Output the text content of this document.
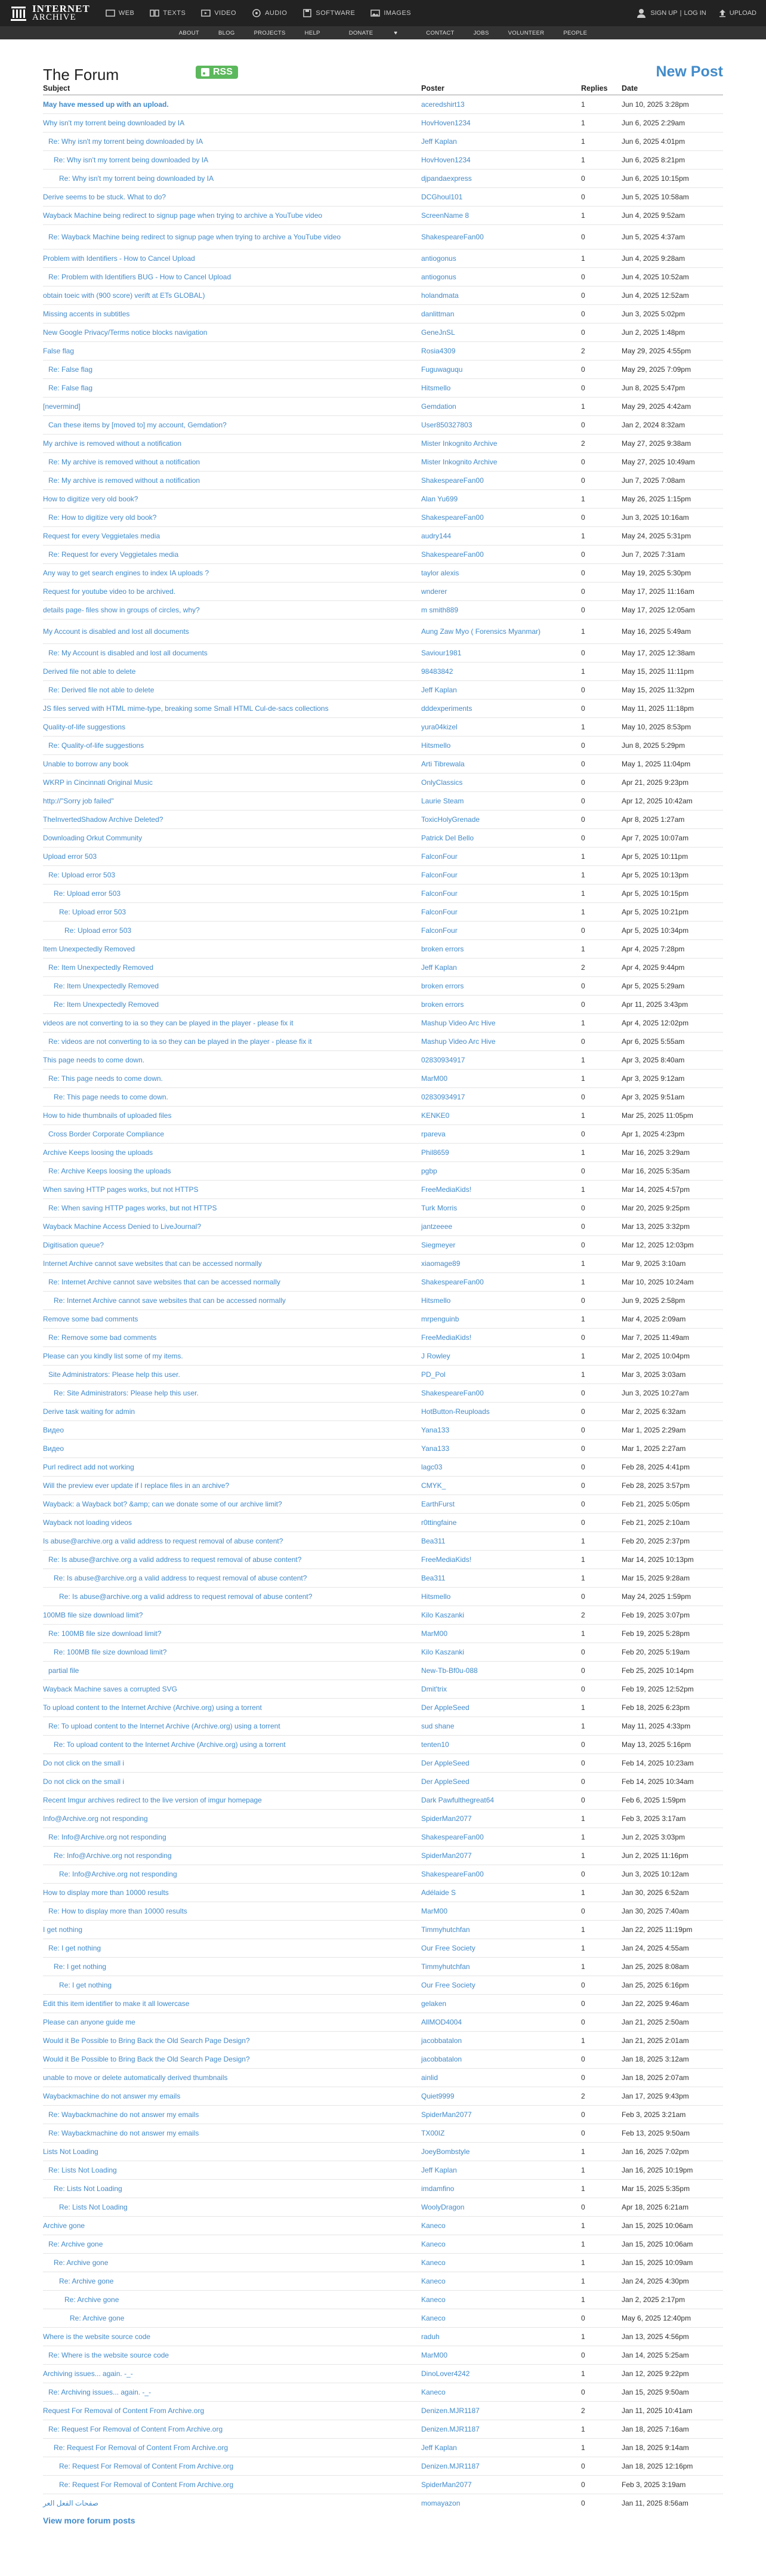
INTERNET
ARCHIVE	WEB	TEXTS	VIDEO	AUDIO	SOFTWARE	IMAGES	SIGN UP | LOG IN	UPLOAD
ABOUT	BLOG	PROJECTS	HELP	DONATE	♥	CONTACT	JOBS	VOLUNTEER	PEOPLE
The Forum	RSS	New Post
Subject	Poster	Replies	Date

May have messed up with an upload.	aceredshirt13	1	Jun 10, 2025 3:28pm

Why isn't my torrent being downloaded by IA	HovHoven1234	1	Jun 6, 2025 2:29am

Re: Why isn't my torrent being downloaded by IA	Jeff Kaplan	1	Jun 6, 2025 4:01pm

Re: Why isn't my torrent being downloaded by IA	HovHoven1234	1	Jun 6, 2025 8:21pm

Re: Why isn't my torrent being downloaded by IA	djpandaexpress	0	Jun 6, 2025 10:15pm

Derive seems to be stuck. What to do?	DCGhoul101	0	Jun 5, 2025 10:58am

Wayback Machine being redirect to signup page when trying to archive a YouTube video	ScreenName 8	1	Jun 4, 2025 9:52am

Re: Wayback Machine being redirect to signup page when trying to archive a YouTube video	ShakespeareFan00	0	Jun 5, 2025 4:37am

Problem with Identifiers - How to Cancel Upload	antiogonus	1	Jun 4, 2025 9:28am

Re: Problem with Identifiers BUG - How to Cancel Upload	antiogonus	0	Jun 4, 2025 10:52am

obtain toeic with (900 score) verift at ETs GLOBAL)	holandmata	0	Jun 4, 2025 12:52am

Missing accents in subtitles	danlittman	0	Jun 3, 2025 5:02pm

New Google Privacy/Terms notice blocks navigation	GeneJnSL	0	Jun 2, 2025 1:48pm

False flag	Rosia4309	2	May 29, 2025 4:55pm

Re: False flag	Fuguwaguqu	0	May 29, 2025 7:09pm

Re: False flag	Hitsmello	0	Jun 8, 2025 5:47pm

[nevermind]	Gemdation	1	May 29, 2025 4:42am

Can these items by [moved to] my account, Gemdation?	User850327803	0	Jan 2, 2024 8:32am

My archive is removed without a notification	Mister Inkognito Archive	2	May 27, 2025 9:38am

Re: My archive is removed without a notification	Mister Inkognito Archive	0	May 27, 2025 10:49am

Re: My archive is removed without a notification	ShakespeareFan00	0	Jun 7, 2025 7:08am

How to digitize very old book?	Alan Yu699	1	May 26, 2025 1:15pm

Re: How to digitize very old book?	ShakespeareFan00	0	Jun 3, 2025 10:16am

Request for every Veggietales media	audry144	1	May 24, 2025 5:31pm

Re: Request for every Veggietales media	ShakespeareFan00	0	Jun 7, 2025 7:31am

Any way to get search engines to index IA uploads ?	taylor alexis	0	May 19, 2025 5:30pm

Request for youtube video to be archived.	wnderer	0	May 17, 2025 11:16am

details page- files show in groups of circles, why?	m smith889	0	May 17, 2025 12:05am

My Account is disabled and lost all documents	Aung Zaw Myo ( Forensics Myanmar)	1	May 16, 2025 5:49am

Re: My Account is disabled and lost all documents	Saviour1981	0	May 17, 2025 12:38am

Derived file not able to delete	98483842	1	May 15, 2025 11:11pm

Re: Derived file not able to delete	Jeff Kaplan	0	May 15, 2025 11:32pm

JS files served with HTML mime-type, breaking some Small HTML Cul-de-sacs collections	dddexperiments	0	May 11, 2025 11:18pm

Quality-of-life suggestions	yura04kizel	1	May 10, 2025 8:53pm

Re: Quality-of-life suggestions	Hitsmello	0	Jun 8, 2025 5:29pm

Unable to borrow any book	Arti Tibrewala	0	May 1, 2025 11:04pm

WKRP in Cincinnati Original Music	OnlyClassics	0	Apr 21, 2025 9:23pm

http://"Sorry job failed"	Laurie Steam	0	Apr 12, 2025 10:42am

TheInvertedShadow Archive Deleted?	ToxicHolyGrenade	0	Apr 8, 2025 1:27am

Downloading Orkut Community	Patrick Del Bello	0	Apr 7, 2025 10:07am

Upload error 503	FalconFour	1	Apr 5, 2025 10:11pm

Re: Upload error 503	FalconFour	1	Apr 5, 2025 10:13pm

Re: Upload error 503	FalconFour	1	Apr 5, 2025 10:15pm

Re: Upload error 503	FalconFour	1	Apr 5, 2025 10:21pm

Re: Upload error 503	FalconFour	0	Apr 5, 2025 10:34pm

Item Unexpectedly Removed	broken errors	1	Apr 4, 2025 7:28pm

Re: Item Unexpectedly Removed	Jeff Kaplan	2	Apr 4, 2025 9:44pm

Re: Item Unexpectedly Removed	broken errors	0	Apr 5, 2025 5:29am

Re: Item Unexpectedly Removed	broken errors	0	Apr 11, 2025 3:43pm

videos are not converting to ia so they can be played in the player - please fix it	Mashup Video Arc Hive	1	Apr 4, 2025 12:02pm

Re: videos are not converting to ia so they can be played in the player - please fix it	Mashup Video Arc Hive	0	Apr 6, 2025 5:55am

This page needs to come down.	02830934917	1	Apr 3, 2025 8:40am

Re: This page needs to come down.	MarM00	1	Apr 3, 2025 9:12am

Re: This page needs to come down.	02830934917	0	Apr 3, 2025 9:51am

How to hide thumbnails of uploaded files	KENKE0	1	Mar 25, 2025 11:05pm

Cross Border Corporate Compliance	rpareva	0	Apr 1, 2025 4:23pm

Archive Keeps loosing the uploads	Phil8659	1	Mar 16, 2025 3:29am

Re: Archive Keeps loosing the uploads	pgbp	0	Mar 16, 2025 5:35am

When saving HTTP pages works, but not HTTPS	FreeMediaKids!	1	Mar 14, 2025 4:57pm

Re: When saving HTTP pages works, but not HTTPS	Turk Morris	0	Mar 20, 2025 9:25pm

Wayback Machine Access Denied to LiveJournal?	jantzeeee	0	Mar 13, 2025 3:32pm

Digitisation queue?	Siegmeyer	0	Mar 12, 2025 12:03pm

Internet Archive cannot save websites that can be accessed normally	xiaomage89	1	Mar 9, 2025 3:10am

Re: Internet Archive cannot save websites that can be accessed normally	ShakespeareFan00	1	Mar 10, 2025 10:24am

Re: Internet Archive cannot save websites that can be accessed normally	Hitsmello	0	Jun 9, 2025 2:58pm

Remove some bad comments	mrpenguinb	1	Mar 4, 2025 2:09am

Re: Remove some bad comments	FreeMediaKids!	0	Mar 7, 2025 11:49am

Please can you kindly list some of my items.	J Rowley	1	Mar 2, 2025 10:04pm

Site Administrators: Please help this user.	PD_Pol	1	Mar 3, 2025 3:03am

Re: Site Administrators: Please help this user.	ShakespeareFan00	0	Jun 3, 2025 10:27am

Derive task waiting for admin	HotButton-Reuploads	0	Mar 2, 2025 6:32am

Видео	Yana133	0	Mar 1, 2025 2:29am

Видео	Yana133	0	Mar 1, 2025 2:27am

Purl redirect add not working	lagc03	0	Feb 28, 2025 4:41pm

Will the preview ever update if I replace files in an archive?	CMYK_	0	Feb 28, 2025 3:57pm

Wayback: a Wayback bot? &amp; can we donate some of our archive limit?	EarthFurst	0	Feb 21, 2025 5:05pm

Wayback not loading videos	r0ttingfaine	0	Feb 21, 2025 2:10am

Is abuse@archive.org a valid address to request removal of abuse content?	Bea311	1	Feb 20, 2025 2:37pm

Re: Is abuse@archive.org a valid address to request removal of abuse content?	FreeMediaKids!	1	Mar 14, 2025 10:13pm

Re: Is abuse@archive.org a valid address to request removal of abuse content?	Bea311	1	Mar 15, 2025 9:28am

Re: Is abuse@archive.org a valid address to request removal of abuse content?	Hitsmello	0	May 24, 2025 1:59pm

100MB file size download limit?	Kilo Kaszanki	2	Feb 19, 2025 3:07pm

Re: 100MB file size download limit?	MarM00	1	Feb 19, 2025 5:28pm

Re: 100MB file size download limit?	Kilo Kaszanki	0	Feb 20, 2025 5:19am

partial file	New-Tb-Bf0u-088	0	Feb 25, 2025 10:14pm

Wayback Machine saves a corrupted SVG	Dmit'trix	0	Feb 19, 2025 12:52pm

To upload content to the Internet Archive (Archive.org) using a torrent	Der AppleSeed	1	Feb 18, 2025 6:23pm

Re: To upload content to the Internet Archive (Archive.org) using a torrent	sud shane	1	May 11, 2025 4:33pm

Re: To upload content to the Internet Archive (Archive.org) using a torrent	tenten10	0	May 13, 2025 5:16pm

Do not click on the small i	Der AppleSeed	0	Feb 14, 2025 10:23am

Do not click on the small i	Der AppleSeed	0	Feb 14, 2025 10:34am

Recent Imgur archives redirect to the live version of imgur homepage	Dark Pawfulthegreat64	0	Feb 6, 2025 1:59pm

Info@Archive.org not responding	SpiderMan2077	1	Feb 3, 2025 3:17am

Re: Info@Archive.org not responding	ShakespeareFan00	1	Jun 2, 2025 3:03pm

Re: Info@Archive.org not responding	SpiderMan2077	1	Jun 2, 2025 11:16pm

Re: Info@Archive.org not responding	ShakespeareFan00	0	Jun 3, 2025 10:12am

How to display more than 10000 results	Adélaide S	1	Jan 30, 2025 6:52am

Re: How to display more than 10000 results	MarM00	0	Jan 30, 2025 7:40am

I get nothing	Timmyhutchfan	1	Jan 22, 2025 11:19pm

Re: I get nothing	Our Free Society	1	Jan 24, 2025 4:55am

Re: I get nothing	Timmyhutchfan	1	Jan 25, 2025 8:08am

Re: I get nothing	Our Free Society	0	Jan 25, 2025 6:16pm

Edit this item identifier to make it all lowercase	gelaken	0	Jan 22, 2025 9:46am

Please can anyone guide me	AllMOD4004	0	Jan 21, 2025 2:50am

Would it Be Possible to Bring Back the Old Search Page Design?	jacobbatalon	1	Jan 21, 2025 2:01am

Would it Be Possible to Bring Back the Old Search Page Design?	jacobbatalon	0	Jan 18, 2025 3:12am

unable to move or delete automatically derived thumbnails	ainlid	0	Jan 18, 2025 2:07am

Waybackmachine do not answer my emails	Quiet9999	2	Jan 17, 2025 9:43pm

Re: Waybackmachine do not answer my emails	SpiderMan2077	0	Feb 3, 2025 3:21am

Re: Waybackmachine do not answer my emails	TX00IZ	0	Feb 13, 2025 9:50am

Lists Not Loading	JoeyBombstyle	1	Jan 16, 2025 7:02pm

Re: Lists Not Loading	Jeff Kaplan	1	Jan 16, 2025 10:19pm

Re: Lists Not Loading	imdamfino	1	Mar 15, 2025 5:35pm

Re: Lists Not Loading	WoolyDragon	0	Apr 18, 2025 6:21am

Archive gone	Kaneco	1	Jan 15, 2025 10:06am

Re: Archive gone	Kaneco	1	Jan 15, 2025 10:06am

Re: Archive gone	Kaneco	1	Jan 15, 2025 10:09am

Re: Archive gone	Kaneco	1	Jan 24, 2025 4:30pm

Re: Archive gone	Kaneco	1	Jan 2, 2025 2:17pm

Re: Archive gone	Kaneco	0	May 6, 2025 12:40pm

Where is the website source code	raduh	1	Jan 13, 2025 4:56pm

Re: Where is the website source code	MarM00	0	Jan 14, 2025 5:25am

Archiving issues... again. -_-	DinoLover4242	1	Jan 12, 2025 9:22pm

Re: Archiving issues... again. -_-	Kaneco	0	Jan 15, 2025 9:50am

Request For Removal of Content From Archive.org	Denizen.MJR1187	2	Jan 11, 2025 10:41am

Re: Request For Removal of Content From Archive.org	Denizen.MJR1187	1	Jan 18, 2025 7:16am

Re: Request For Removal of Content From Archive.org	Jeff Kaplan	1	Jan 18, 2025 9:14am

Re: Request For Removal of Content From Archive.org	Denizen.MJR1187	0	Jan 18, 2025 12:16pm

Re: Request For Removal of Content From Archive.org	SpiderMan2077	0	Feb 3, 2025 3:19am

صفحات الفعل العر	momayazon	0	Jan 11, 2025 8:56am
View more forum posts
